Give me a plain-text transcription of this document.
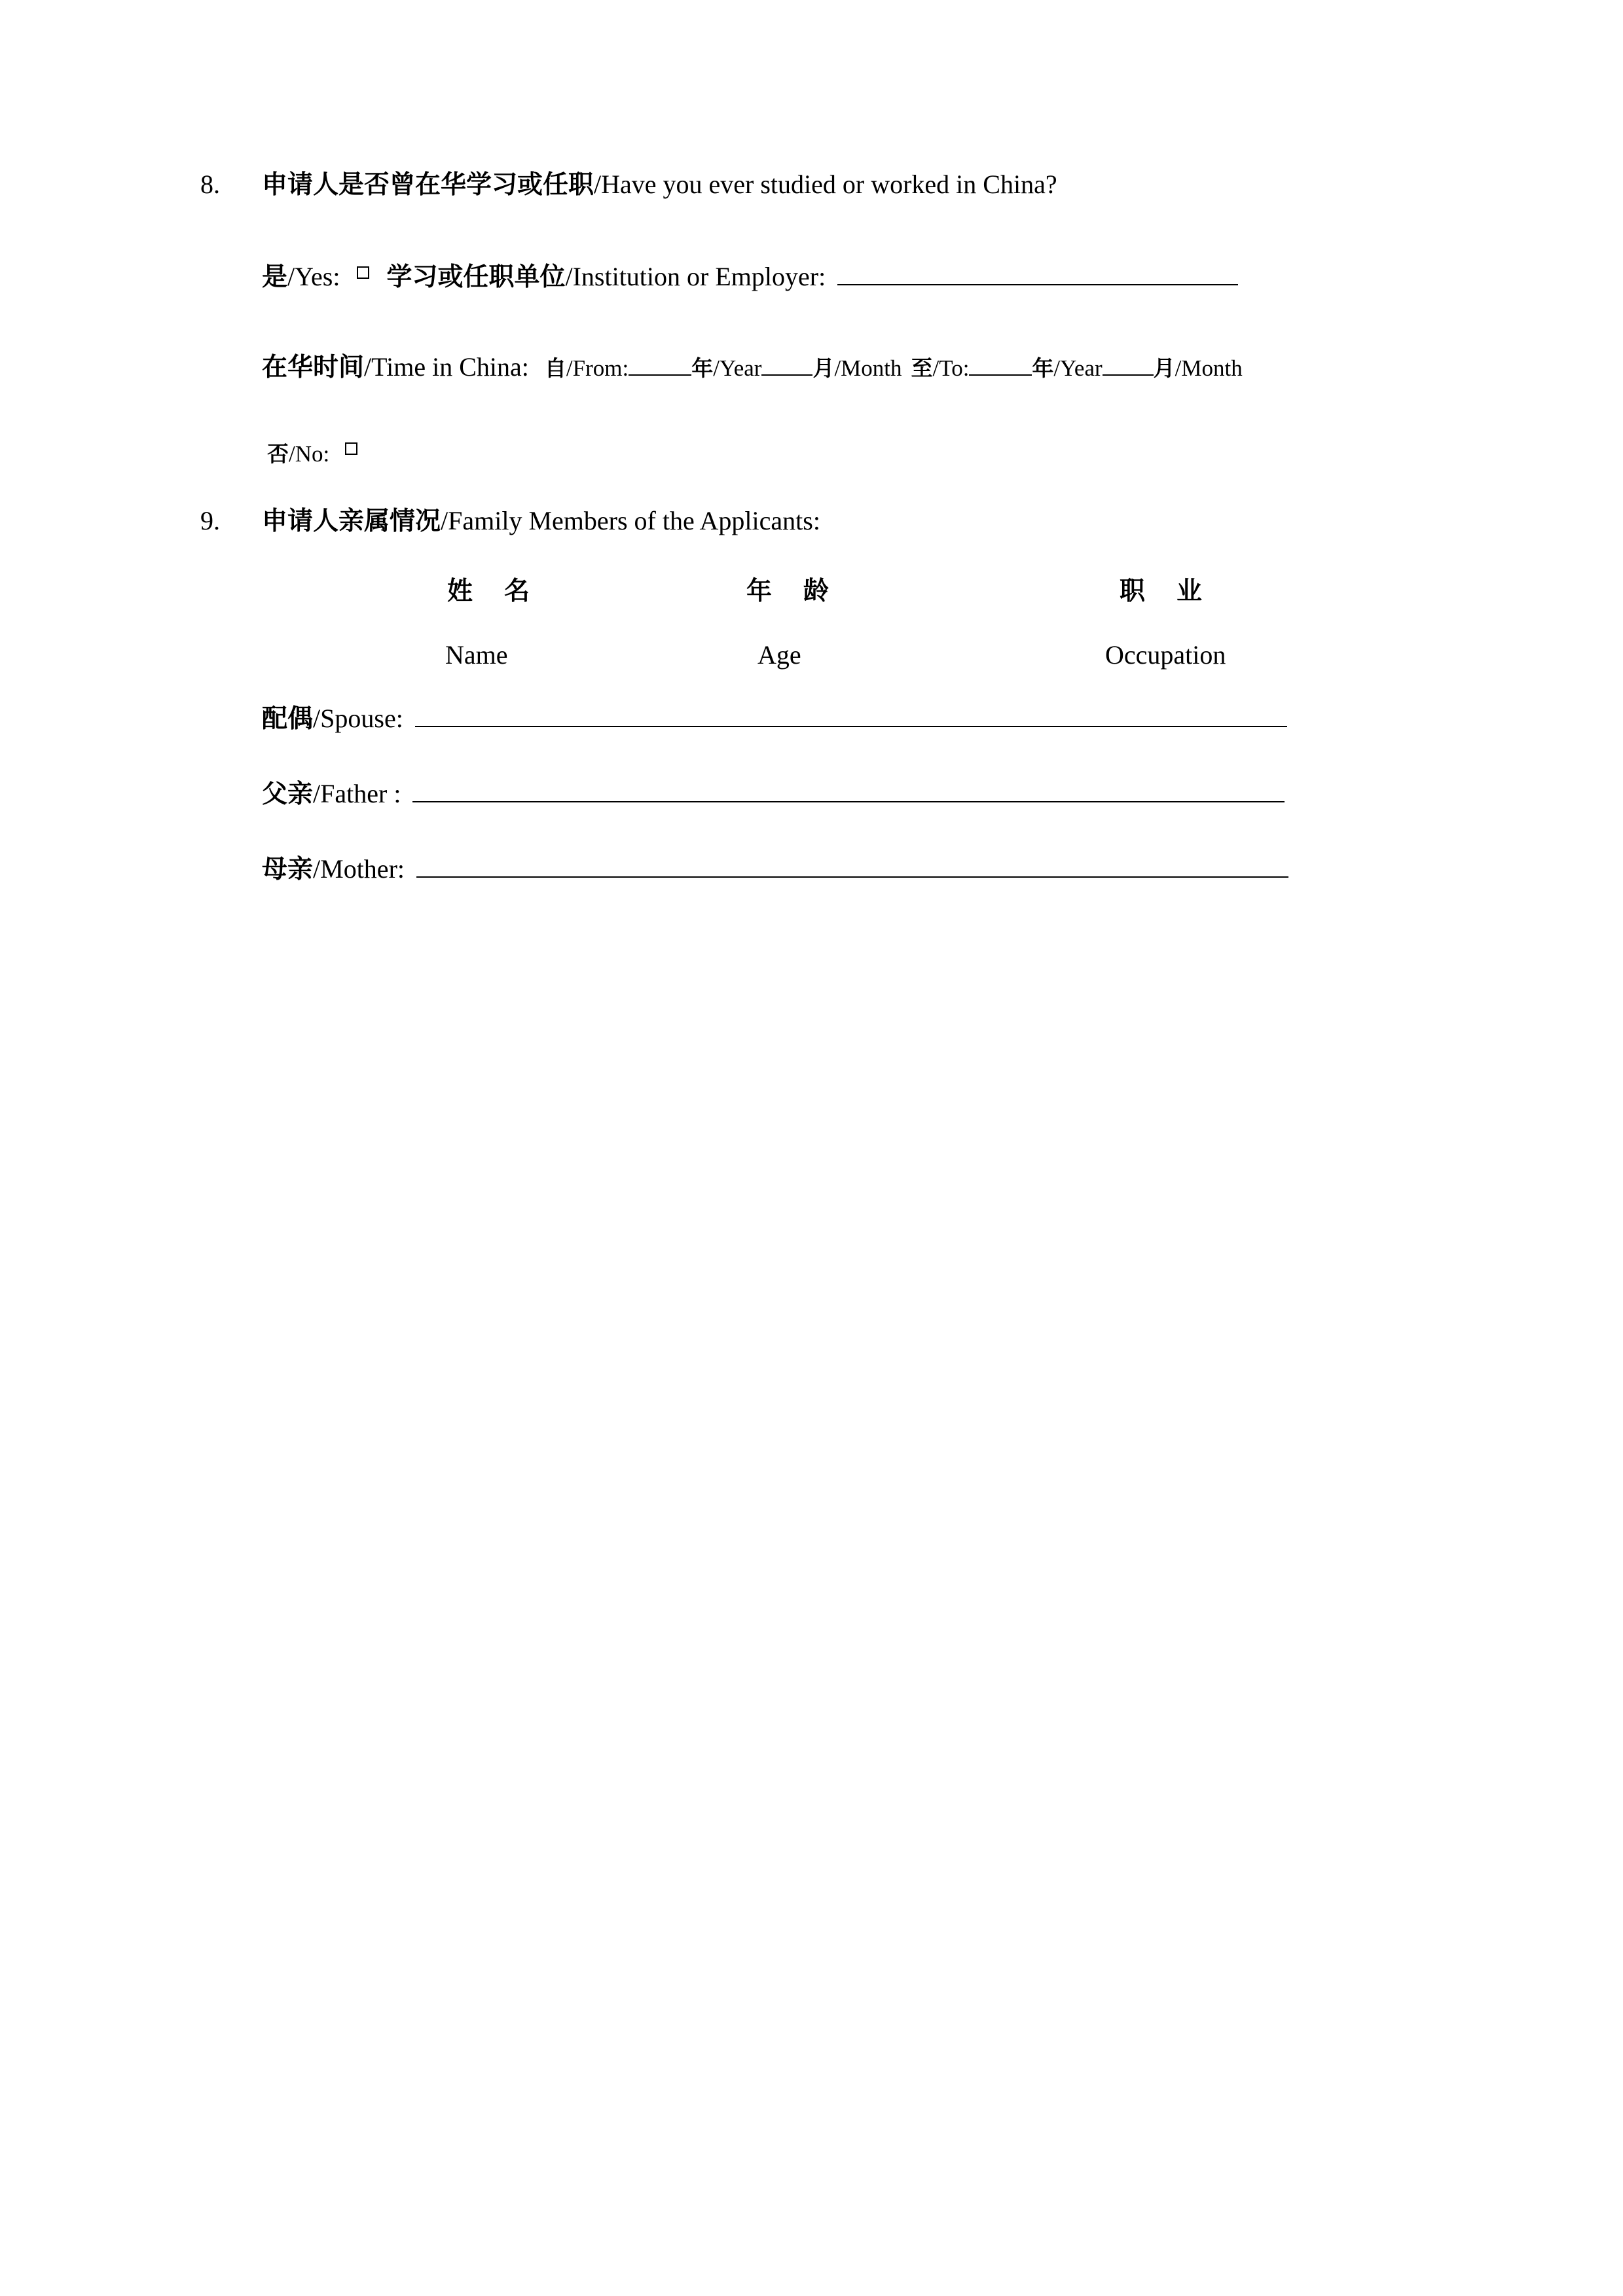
8. 申请人是否曾在华学习或任职/Have you ever studied or worked in China?
是/Yes: 学习或任职单位/Institution or Employer:
在华时间/Time in China: 自/From:	年/Year 月/Month 至/To:	年/Year 月/Month
否/No:
9. 申请人亲属情况/Family Members of the Applicants:
姓名	年龄	职业
Name	Age	Occupation
配偶/Spouse:
父亲/Father :
母亲/Mother:
